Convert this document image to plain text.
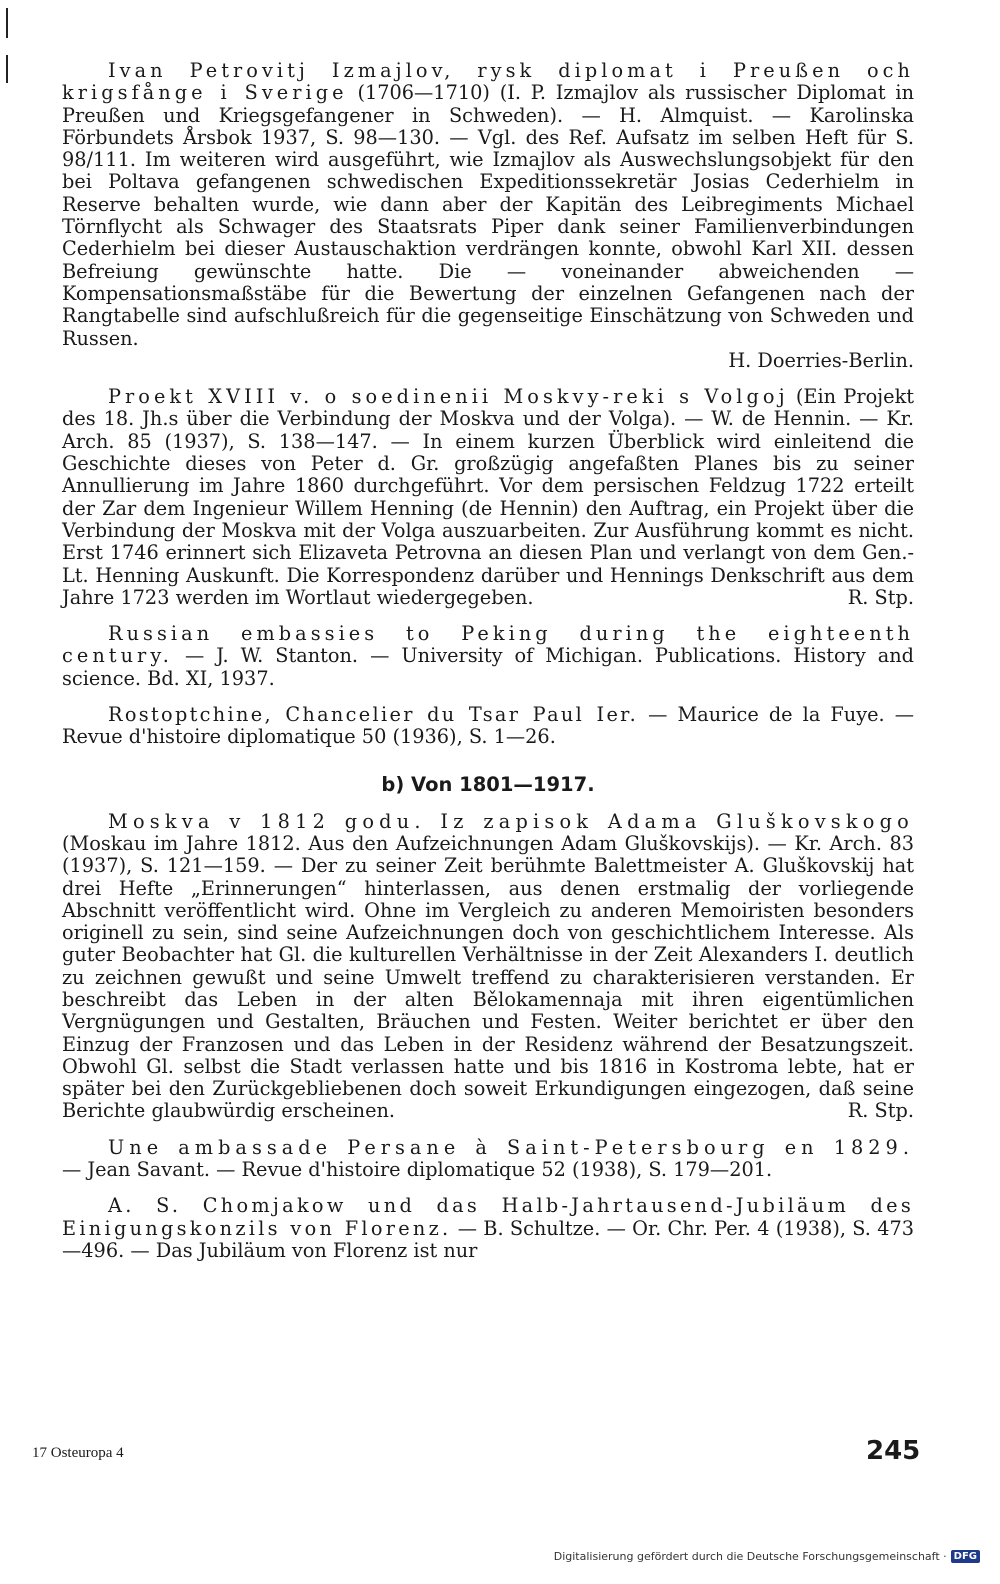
Ivan Petrovitj Izmajlov, rysk diplomat i Preußen och krigsfånge i Sverige (1706—1710) (I. P. Izmajlov als russischer Diplomat in Preußen und Kriegsgefangener in Schweden). — H. Almquist. — Karolinska Förbundets Årsbok 1937, S. 98—130. — Vgl. des Ref. Aufsatz im selben Heft für S. 98/111. Im weiteren wird ausgeführt, wie Izmajlov als Auswechslungsobjekt für den bei Poltava gefangenen schwedischen Expeditionssekretär Josias Cederhielm in Reserve behalten wurde, wie dann aber der Kapitän des Leibregiments Michael Törnflycht als Schwager des Staatsrats Piper dank seiner Familienverbindungen Cederhielm bei dieser Austauschaktion verdrängen konnte, obwohl Karl XII. dessen Befreiung gewünschte hatte. Die — voneinander abweichenden — Kompensationsmaßstäbe für die Bewertung der einzelnen Gefangenen nach der Rangtabelle sind aufschlußreich für die gegenseitige Einschätzung von Schweden und Russen.

H. Doerries-Berlin.

Proekt XVIII v. o soedinenii Moskvy-reki s Volgoj (Ein Projekt des 18. Jh.s über die Verbindung der Moskva und der Volga). — W. de Hennin. — Kr. Arch. 85 (1937), S. 138—147. — In einem kurzen Überblick wird einleitend die Geschichte dieses von Peter d. Gr. großzügig angefaßten Planes bis zu seiner Annullierung im Jahre 1860 durchgeführt. Vor dem persischen Feldzug 1722 erteilt der Zar dem Ingenieur Willem Henning (de Hennin) den Auftrag, ein Projekt über die Verbindung der Moskva mit der Volga auszuarbeiten. Zur Ausführung kommt es nicht. Erst 1746 erinnert sich Elizaveta Petrovna an diesen Plan und verlangt von dem Gen.-Lt. Henning Auskunft. Die Korrespondenz darüber und Hennings Denkschrift aus dem Jahre 1723 werden im Wortlaut wiedergegeben.	R. Stp.

Russian embassies to Peking during the eighteenth century. — J. W. Stanton. — University of Michigan. Publications. History and science. Bd. XI, 1937.

Rostoptchine, Chancelier du Tsar Paul Ier. — Maurice de la Fuye. — Revue d'histoire diplomatique 50 (1936), S. 1—26.

b) Von 1801—1917.

Moskva v 1812 godu. Iz zapisok Adama Gluškovskogo (Moskau im Jahre 1812. Aus den Aufzeichnungen Adam Gluškovskijs). — Kr. Arch. 83 (1937), S. 121—159. — Der zu seiner Zeit berühmte Balettmeister A. Gluškovskij hat drei Hefte „Erinnerungen“ hinterlassen, aus denen erstmalig der vorliegende Abschnitt veröffentlicht wird. Ohne im Vergleich zu anderen Memoiristen besonders originell zu sein, sind seine Aufzeichnungen doch von geschichtlichem Interesse. Als guter Beobachter hat Gl. die kulturellen Verhältnisse in der Zeit Alexanders I. deutlich zu zeichnen gewußt und seine Umwelt treffend zu charakterisieren verstanden. Er beschreibt das Leben in der alten Bělokamennaja mit ihren eigentümlichen Vergnügungen und Gestalten, Bräuchen und Festen. Weiter berichtet er über den Einzug der Franzosen und das Leben in der Residenz während der Besatzungszeit. Obwohl Gl. selbst die Stadt verlassen hatte und bis 1816 in Kostroma lebte, hat er später bei den Zurückgebliebenen doch soweit Erkundigungen eingezogen, daß seine Berichte glaubwürdig erscheinen.	R. Stp.

Une ambassade Persane à Saint-Petersbourg en 1829. — Jean Savant. — Revue d'histoire diplomatique 52 (1938), S. 179—201.

A. S. Chomjakow und das Halb-Jahrtausend-Jubiläum des Einigungskonzils von Florenz. — B. Schultze. — Or. Chr. Per. 4 (1938), S. 473—496. — Das Jubiläum von Florenz ist nur

17 Osteuropa 4	245
Digitalisierung gefördert durch die Deutsche Forschungsgemeinschaft · DFG
